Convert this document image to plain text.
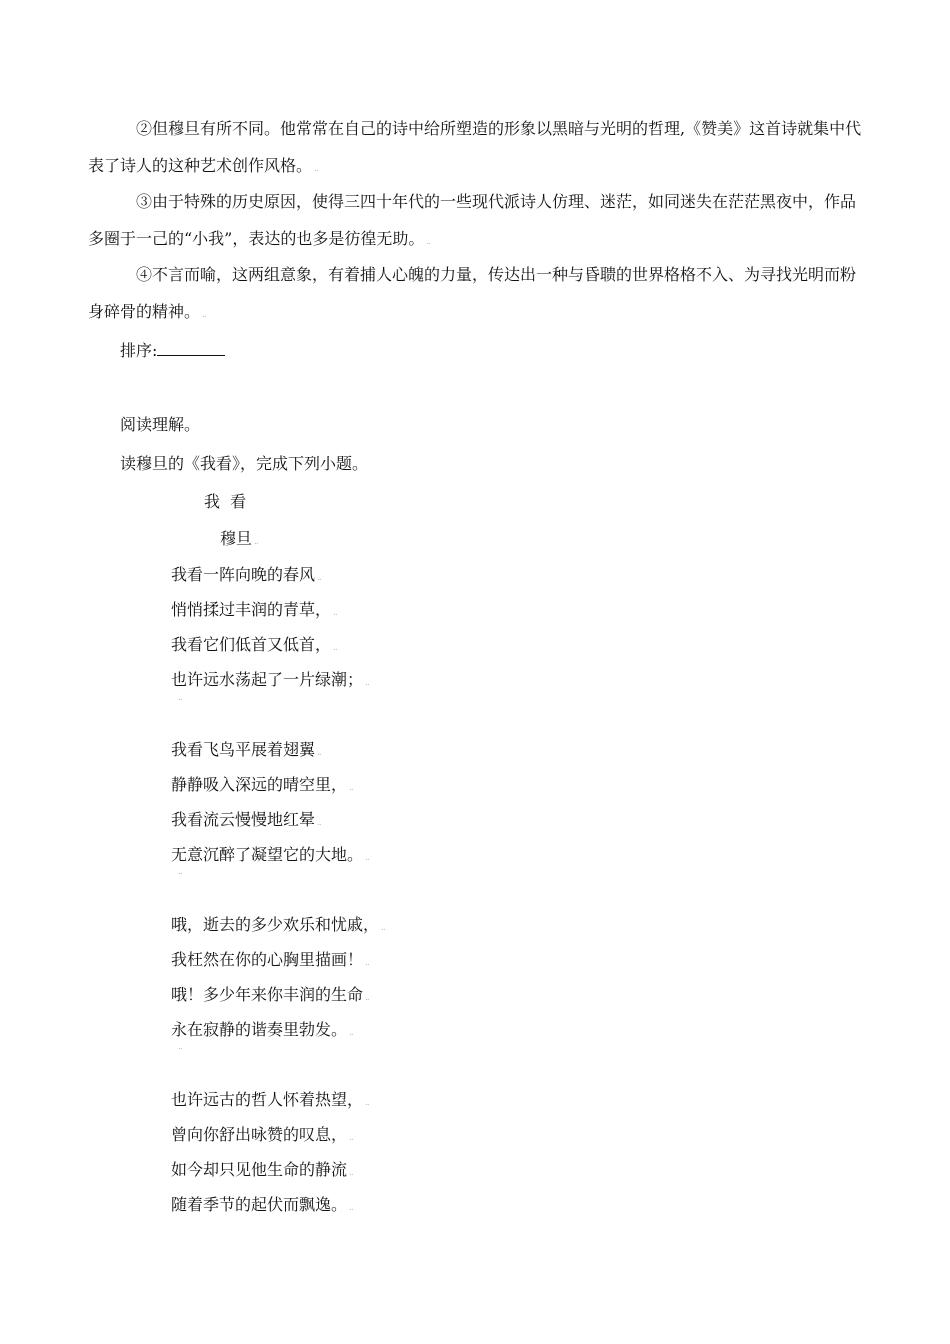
②但穆旦有所不同。他常常在自己的诗中给所塑造的形象以黑暗与光明的哲理,《赞美》这首诗就集中代表了诗人的这种艺术创作风格。 ..

③由于特殊的历史原因，使得三四十年代的一些现代派诗人仿理、迷茫，如同迷失在茫茫黑夜中，作品多圈于一己的“小我”，表达的也多是彷徨无助。 ..

④不言而喻，这两组意象，有着捕人心魄的力量，传达出一种与昏聩的世界格格不入、为寻找光明而粉身碎骨的精神。 ..

排序:

阅读理解。

读穆旦的《我看》，完成下列小题。

我  看

穆旦 ..

我看一阵向晚的春风 ..

悄悄揉过丰润的青草， ..

我看它们低首又低首， ..

也许远水荡起了一片绿潮； ..

..

我看飞鸟平展着翅翼 ..

静静吸入深远的晴空里， ..

我看流云慢慢地红晕 ..

无意沉醉了凝望它的大地。 ..

..

哦，逝去的多少欢乐和忧戚， ..

我枉然在你的心胸里描画！ ..

哦！多少年来你丰润的生命 ..

永在寂静的谐奏里勃发。 ..

..

也许远古的哲人怀着热望， ..

曾向你舒出咏赞的叹息， ..

如今却只见他生命的静流 ..

随着季节的起伏而飘逸。 ..
